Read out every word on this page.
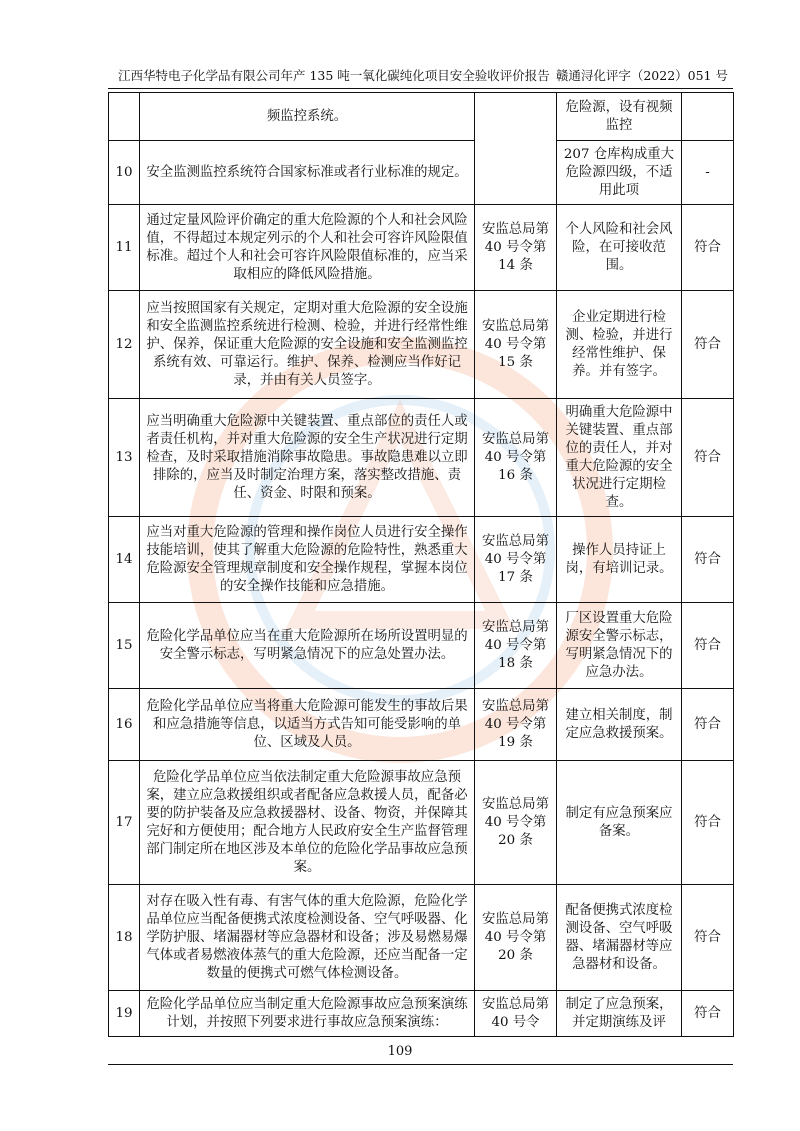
江西华特电子化学品有限公司年产 135 吨一氧化碳纯化项目安全验收评价报告 赣通浔化评字（2022）051 号
	频监控系统。		危险源，设有视频监控	
10	安全监测监控系统符合国家标准或者行业标准的规定。		207 仓库构成重大危险源四级，不适用此项	-
11	通过定量风险评价确定的重大危险源的个人和社会风险值，不得超过本规定列示的个人和社会可容许风险限值标准。超过个人和社会可容许风险限值标准的，应当采取相应的降低风险措施。	安监总局第 40 号令第 14 条	个人风险和社会风险，在可接收范围。	符合
12	应当按照国家有关规定，定期对重大危险源的安全设施和安全监测监控系统进行检测、检验，并进行经常性维护、保养，保证重大危险源的安全设施和安全监测监控系统有效、可靠运行。维护、保养、检测应当作好记录，并由有关人员签字。	安监总局第 40 号令第 15 条	企业定期进行检测、检验，并进行经常性维护、保养。并有签字。	符合
13	应当明确重大危险源中关键装置、重点部位的责任人或者责任机构，并对重大危险源的安全生产状况进行定期检查，及时采取措施消除事故隐患。事故隐患难以立即排除的，应当及时制定治理方案，落实整改措施、责任、资金、时限和预案。	安监总局第 40 号令第 16 条	明确重大危险源中关键装置、重点部位的责任人，并对重大危险源的安全状况进行定期检查。	符合
14	应当对重大危险源的管理和操作岗位人员进行安全操作技能培训，使其了解重大危险源的危险特性，熟悉重大危险源安全管理规章制度和安全操作规程，掌握本岗位的安全操作技能和应急措施。	安监总局第 40 号令第 17 条	操作人员持证上岗，有培训记录。	符合
15	危险化学品单位应当在重大危险源所在场所设置明显的安全警示标志，写明紧急情况下的应急处置办法。	安监总局第 40 号令第 18 条	厂区设置重大危险源安全警示标志，写明紧急情况下的应急办法。	符合
16	危险化学品单位应当将重大危险源可能发生的事故后果和应急措施等信息，以适当方式告知可能受影响的单位、区域及人员。	安监总局第 40 号令第 19 条	建立相关制度，制定应急救援预案。	符合
17	危险化学品单位应当依法制定重大危险源事故应急预案，建立应急救援组织或者配备应急救援人员，配备必要的防护装备及应急救援器材、设备、物资，并保障其完好和方便使用；配合地方人民政府安全生产监督管理部门制定所在地区涉及本单位的危险化学品事故应急预案。	安监总局第 40 号令第 20 条	制定有应急预案应备案。	符合
18	对存在吸入性有毒、有害气体的重大危险源，危险化学品单位应当配备便携式浓度检测设备、空气呼吸器、化学防护服、堵漏器材等应急器材和设备；涉及易燃易爆气体或者易燃液体蒸气的重大危险源，还应当配备一定数量的便携式可燃气体检测设备。	安监总局第 40 号令第 20 条	配备便携式浓度检测设备、空气呼吸器、堵漏器材等应急器材和设备。	符合
19	危险化学品单位应当制定重大危险源事故应急预案演练计划，并按照下列要求进行事故应急预案演练：	安监总局第 40 号令	制定了应急预案，并定期演练及评	符合
109
